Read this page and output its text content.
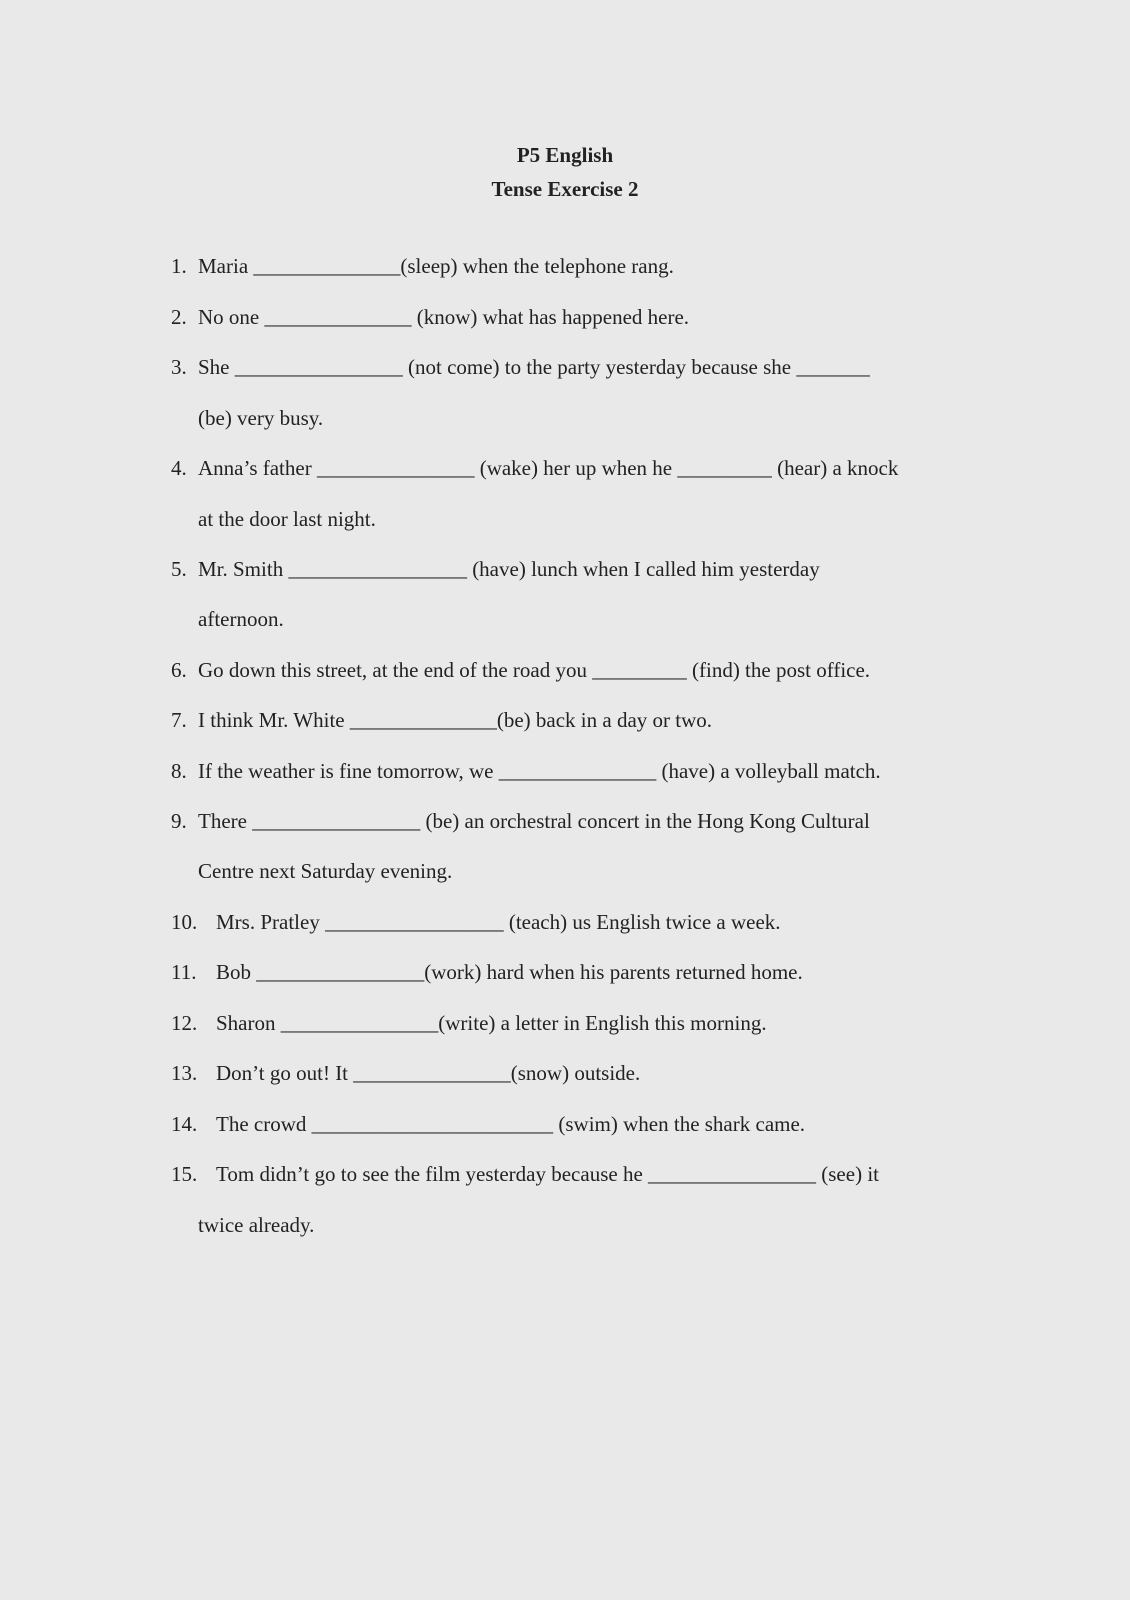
P5 English
Tense Exercise 2
1. Maria ______________(sleep) when the telephone rang.
2. No one ______________ (know) what has happened here.
3. She ________________ (not come) to the party yesterday because she _______
(be) very busy.
4. Anna’s father _______________ (wake) her up when he _________ (hear) a knock
at the door last night.
5. Mr. Smith _________________ (have) lunch when I called him yesterday
afternoon.
6. Go down this street, at the end of the road you _________ (find) the post office.
7. I think Mr. White ______________(be) back in a day or two.
8. If the weather is fine tomorrow, we _______________ (have) a volleyball match.
9. There ________________ (be) an orchestral concert in the Hong Kong Cultural
Centre next Saturday evening.
10. Mrs. Pratley _________________ (teach) us English twice a week.
11. Bob ________________(work) hard when his parents returned home.
12. Sharon _______________(write) a letter in English this morning.
13. Don’t go out! It _______________(snow) outside.
14. The crowd _______________________ (swim) when the shark came.
15. Tom didn’t go to see the film yesterday because he ________________ (see) it
twice already.
